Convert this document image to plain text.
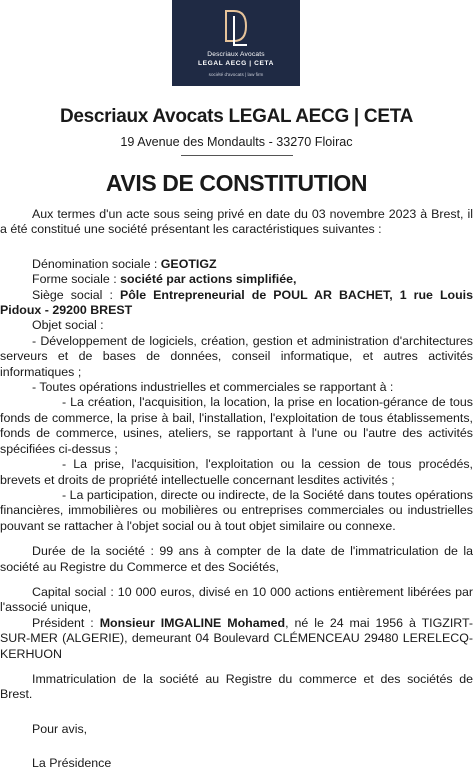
Descriaux Avocats
LEGAL AECG | CETA
société d'avocats | law firm
Descriaux Avocats LEGAL AECG | CETA
19 Avenue des Mondaults - 33270 Floirac
AVIS DE CONSTITUTION

Aux termes d'un acte sous seing privé en date du 03 novembre 2023 à Brest, il a été constitué une société présentant les caractéristiques suivantes :

Dénomination sociale : GEOTIGZ

Forme sociale : société par actions simplifiée,

Siège social : Pôle Entrepreneurial de POUL AR BACHET, 1 rue Louis Pidoux - 29200 BREST

Objet social :

- Développement de logiciels, création, gestion et administration d'architectures serveurs et de bases de données, conseil informatique, et autres activités informatiques ;

- Toutes opérations industrielles et commerciales se rapportant à :

- La création, l'acquisition, la location, la prise en location-gérance de tous fonds de commerce, la prise à bail, l'installation, l'exploitation de tous établissements, fonds de commerce, usines, ateliers, se rapportant à l'une ou l'autre des activités spécifiées ci-dessus ;

- La prise, l'acquisition, l'exploitation ou la cession de tous procédés, brevets et droits de propriété intellectuelle concernant lesdites activités ;

- La participation, directe ou indirecte, de la Société dans toutes opérations financières, immobilières ou mobilières ou entreprises commerciales ou industrielles pouvant se rattacher à l'objet social ou à tout objet similaire ou connexe.

Durée de la société : 99 ans à compter de la date de l'immatriculation de la société au Registre du Commerce et des Sociétés,

Capital social : 10 000 euros, divisé en 10 000 actions entièrement libérées par l'associé unique,

Président : Monsieur IMGALINE Mohamed, né le 24 mai 1956 à TIGZIRT-SUR-MER (ALGERIE), demeurant 04 Boulevard CLÉMENCEAU 29480 LERELECQ-KERHUON

Immatriculation de la société au Registre du commerce et des sociétés de Brest.

Pour avis,

La Présidence
